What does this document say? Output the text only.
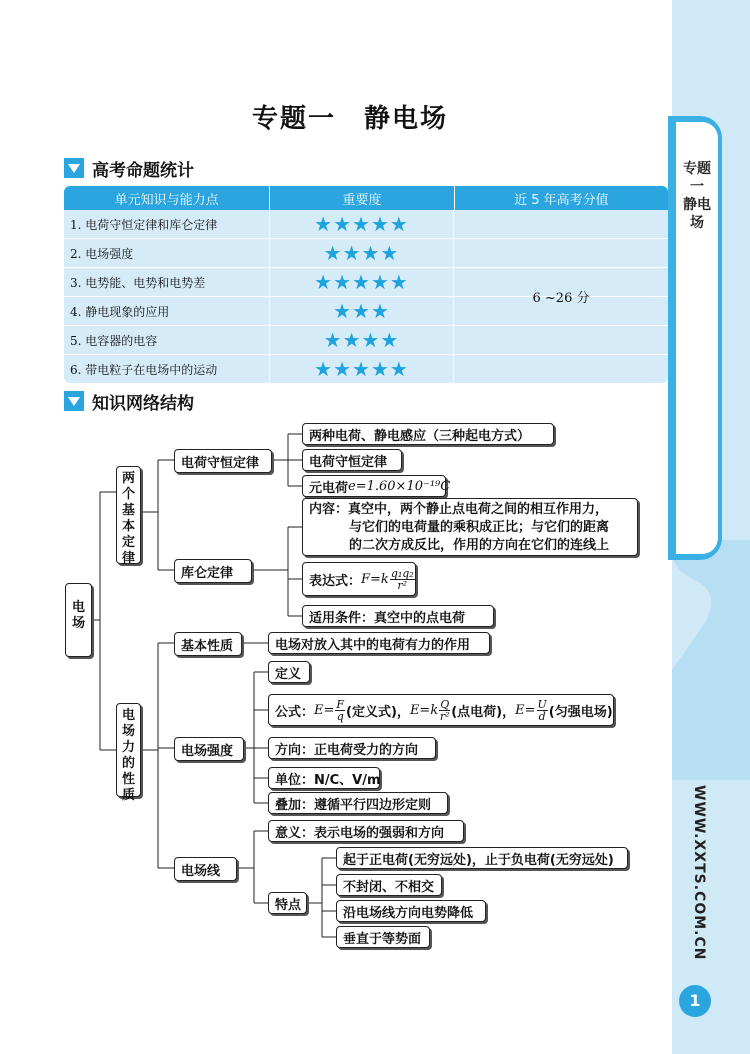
专题一　静电场
WWW.XXTS.COM.CN
1
专题一　静电场
高考命题统计
单元知识与能力点	重要度	近 5 年高考分值
1. 电荷守恒定律和库仑定律	★★★★★
2. 电场强度	★★★★
3. 电势能、电势和电势差	★★★★★
4. 静电现象的应用	★★★
5. 电容器的电容	★★★★
6. 带电粒子在电场中的运动	★★★★★
6 ~26 分
知识网络结构
电场
两个基本定律
电场力的性质
电荷守恒定律
两种电荷、静电感应（三种起电方式）
电荷守恒定律
元电荷 e=1.60×10⁻¹⁹C
库仑定律
内容：真空中，两个静止点电荷之间的相互作用力，
与它们的电荷量的乘积成正比；与它们的距离
的二次方成反比，作用的方向在它们的连线上
表达式： $F=k \frac{\text{q₁q₂}}{\text{r²}}$
适用条件：真空中的点电荷
基本性质	电场对放入其中的电荷有力的作用
电场强度
定义
公式： $E= \frac{F}{q}$ (定义式)， $E=k \frac{Q}{\text{r²}}$ (点电荷)， $E= \frac{U}{d}$ (匀强电场)
方向：正电荷受力的方向
单位：N/C、V/m
叠加：遵循平行四边形定则
电场线
意义：表示电场的强弱和方向
特点
起于正电荷(无穷远处)，止于负电荷(无穷远处)
不封闭、不相交
沿电场线方向电势降低
垂直于等势面
